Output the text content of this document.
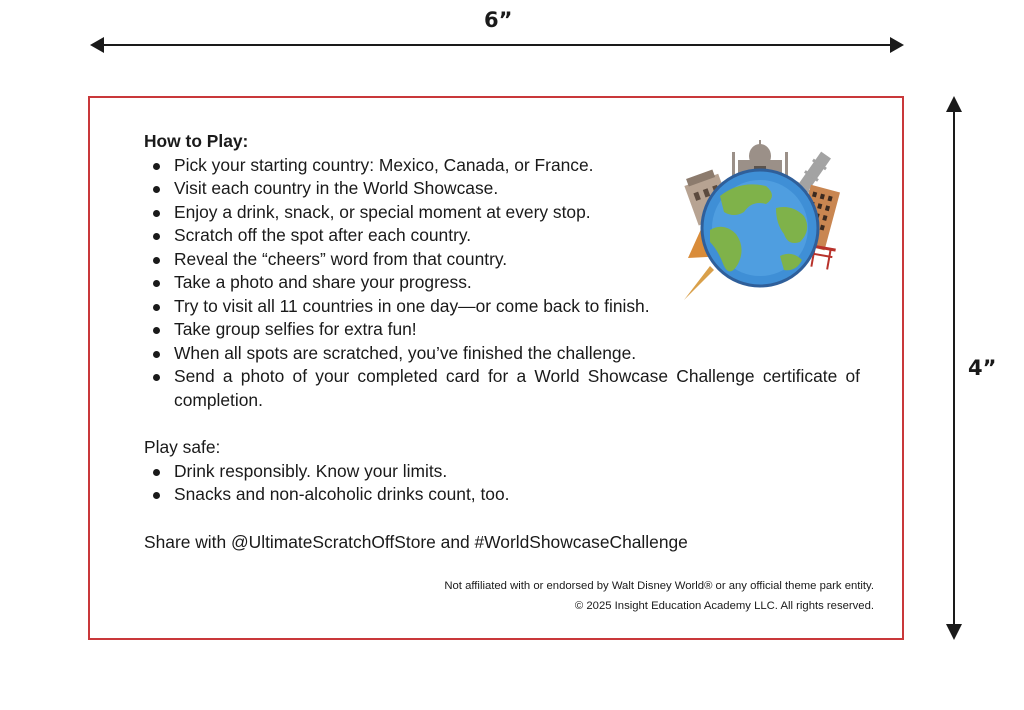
6”
4”
How to Play:
Pick your starting country: Mexico, Canada, or France.
Visit each country in the World Showcase.
Enjoy a drink, snack, or special moment at every stop.
Scratch off the spot after each country.
Reveal the “cheers” word from that country.
Take a photo and share your progress.
Try to visit all 11 countries in one day—or come back to finish.
Take group selfies for extra fun!
When all spots are scratched, you’ve finished the challenge.
Send a photo of your completed card for a World Showcase Challenge certificate of completion.
Play safe:
Drink responsibly. Know your limits.
Snacks and non-alcoholic drinks count, too.
Share with @UltimateScratchOffStore and #WorldShowcaseChallenge
Not affiliated with or endorsed by Walt Disney World® or any official theme park entity.
© 2025 Insight Education Academy LLC. All rights reserved.
